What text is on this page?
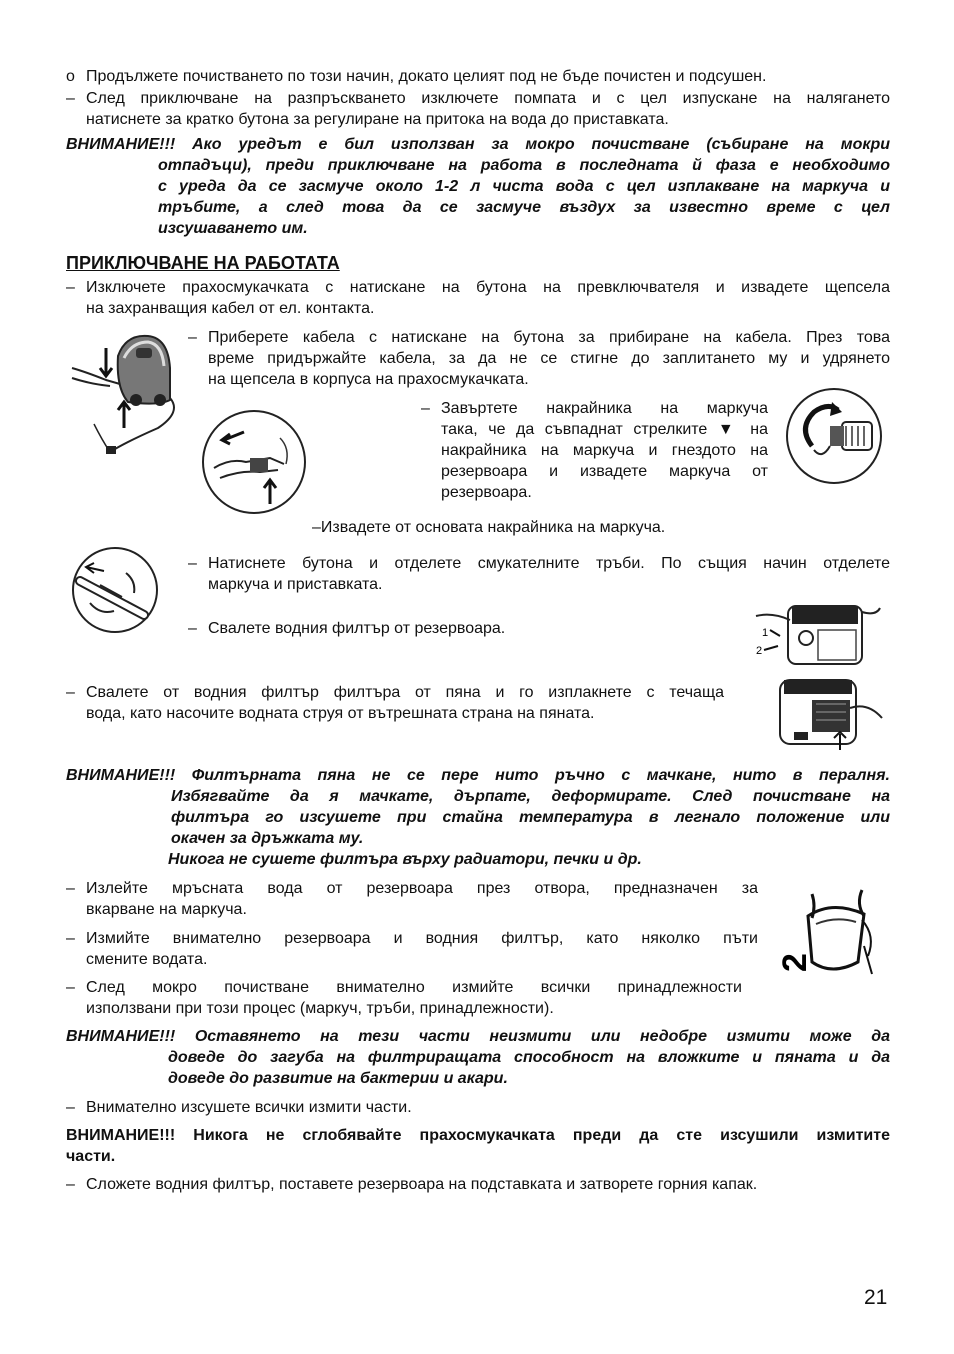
o Продължете почистването по този начин, докато целият под не бъде почистен и подсушен.
– След приключване на разпръскването изключете помпата и с цел изпускане на налягането
натиснете за кратко бутона за регулиране на притока на вода до приставката.
ВНИМАНИЕ!!! Ако уредът е бил използван за мокро почистване (събиране на мокри
отпадъци), преди приключване на работа в последната й фаза е необходимо
с уреда да се засмуче около 1-2 л чиста вода с цел изплакване на маркуча и
тръбите, а след това да се засмуче въздух за известно време с цел
изсушаването им.
ПРИКЛЮЧВАНЕ НА РАБОТАТА
– Изключете прахосмукачката с натискане на бутона на превключвателя и извадете щепсела
на захранващия кабел от ел. контакта.
– Приберете кабела с натискане на бутона за прибиране на кабела. През това
време придържайте кабела, за да не се стигне до заплитането му и удрянето
на щепсела в корпуса на прахосмукачката.
– Завъртете накрайника на маркуча
така, че да съвпаднат стрелките ▼ на
накрайника на маркуча и гнездото на
резервоара и извадете маркуча от
резервоара.
–Извадете от основата накрайника на маркуча.
– Натиснете бутона и отделете смукателните тръби. По същия начин отделете
маркуча и приставката.
– Свалете водния филтър от резервоара.	1
2
– Свалете от водния филтър филтъра от пяна и го изплакнете с течаща
вода, като насочите водната струя от вътрешната страна на пяната.
ВНИМАНИЕ!!! Филтърната пяна не се пере нито ръчно с мачкане, нито в пералня.
Избягвайте да я мачкате, дърпате, деформирате. След почистване на
филтъра го изсушете при стайна температура в легнало положение или
окачен за дръжката му.
Никога не сушете филтъра върху радиатори, печки и др.
– Излейте мръсната вода от резервоара през отвора, предназначен за
вкарване на маркуча.
– Измийте внимателно резервоара и водния филтър, като няколко пъти
смените водата.
– След мокро почистване внимателно измийте всички принадлежности
използвани при този процес (маркуч, тръби, принадлежности).
2
ВНИМАНИЕ!!! Оставянето на тези части неизмити или недобре измити може да
доведе до загуба на филтриращата способност на вложките и пяната и да
доведе до развитие на бактерии и акари.
– Внимателно изсушете всички измити части.
ВНИМАНИЕ!!! Никога не сглобявайте прахосмукачката преди да сте изсушили измитите
части.
– Сложете водния филтър, поставете резервоара на подставката и затворете горния капак.
21
